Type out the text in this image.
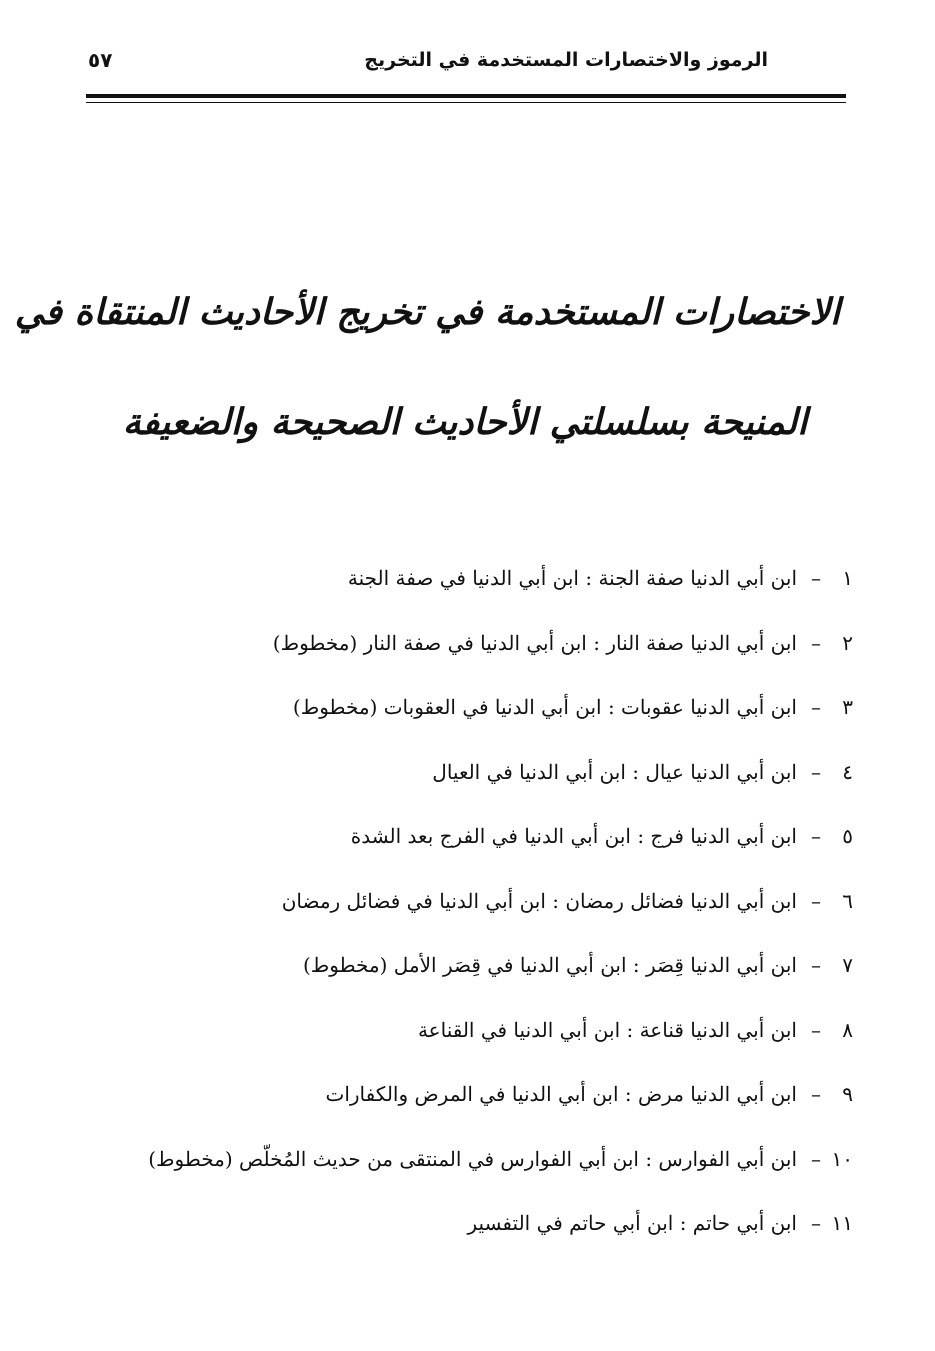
الرموز والاختصارات المستخدمة في التخريج
٥٧
الاختصارات المستخدمة في تخريج الأحاديث المنتقاة في
المنيحة بسلسلتي الأحاديث الصحيحة والضعيفة
١
–
ابن أبي الدنيا صفة الجنة : ابن أبي الدنيا في صفة الجنة
٢
–
ابن أبي الدنيا صفة النار : ابن أبي الدنيا في صفة النار (مخطوط)
٣
–
ابن أبي الدنيا عقوبات : ابن أبي الدنيا في العقوبات (مخطوط)
٤
–
ابن أبي الدنيا عيال : ابن أبي الدنيا في العيال
٥
–
ابن أبي الدنيا فرج : ابن أبي الدنيا في الفرج بعد الشدة
٦
–
ابن أبي الدنيا فضائل رمضان : ابن أبي الدنيا في فضائل رمضان
٧
–
ابن أبي الدنيا قِصَر : ابن أبي الدنيا في قِصَر الأمل (مخطوط)
٨
–
ابن أبي الدنيا قناعة : ابن أبي الدنيا في القناعة
٩
–
ابن أبي الدنيا مرض : ابن أبي الدنيا في المرض والكفارات
١٠
–
ابن أبي الفوارس : ابن أبي الفوارس في المنتقى من حديث المُخلّص (مخطوط)
١١
–
ابن أبي حاتم : ابن أبي حاتم في التفسير
